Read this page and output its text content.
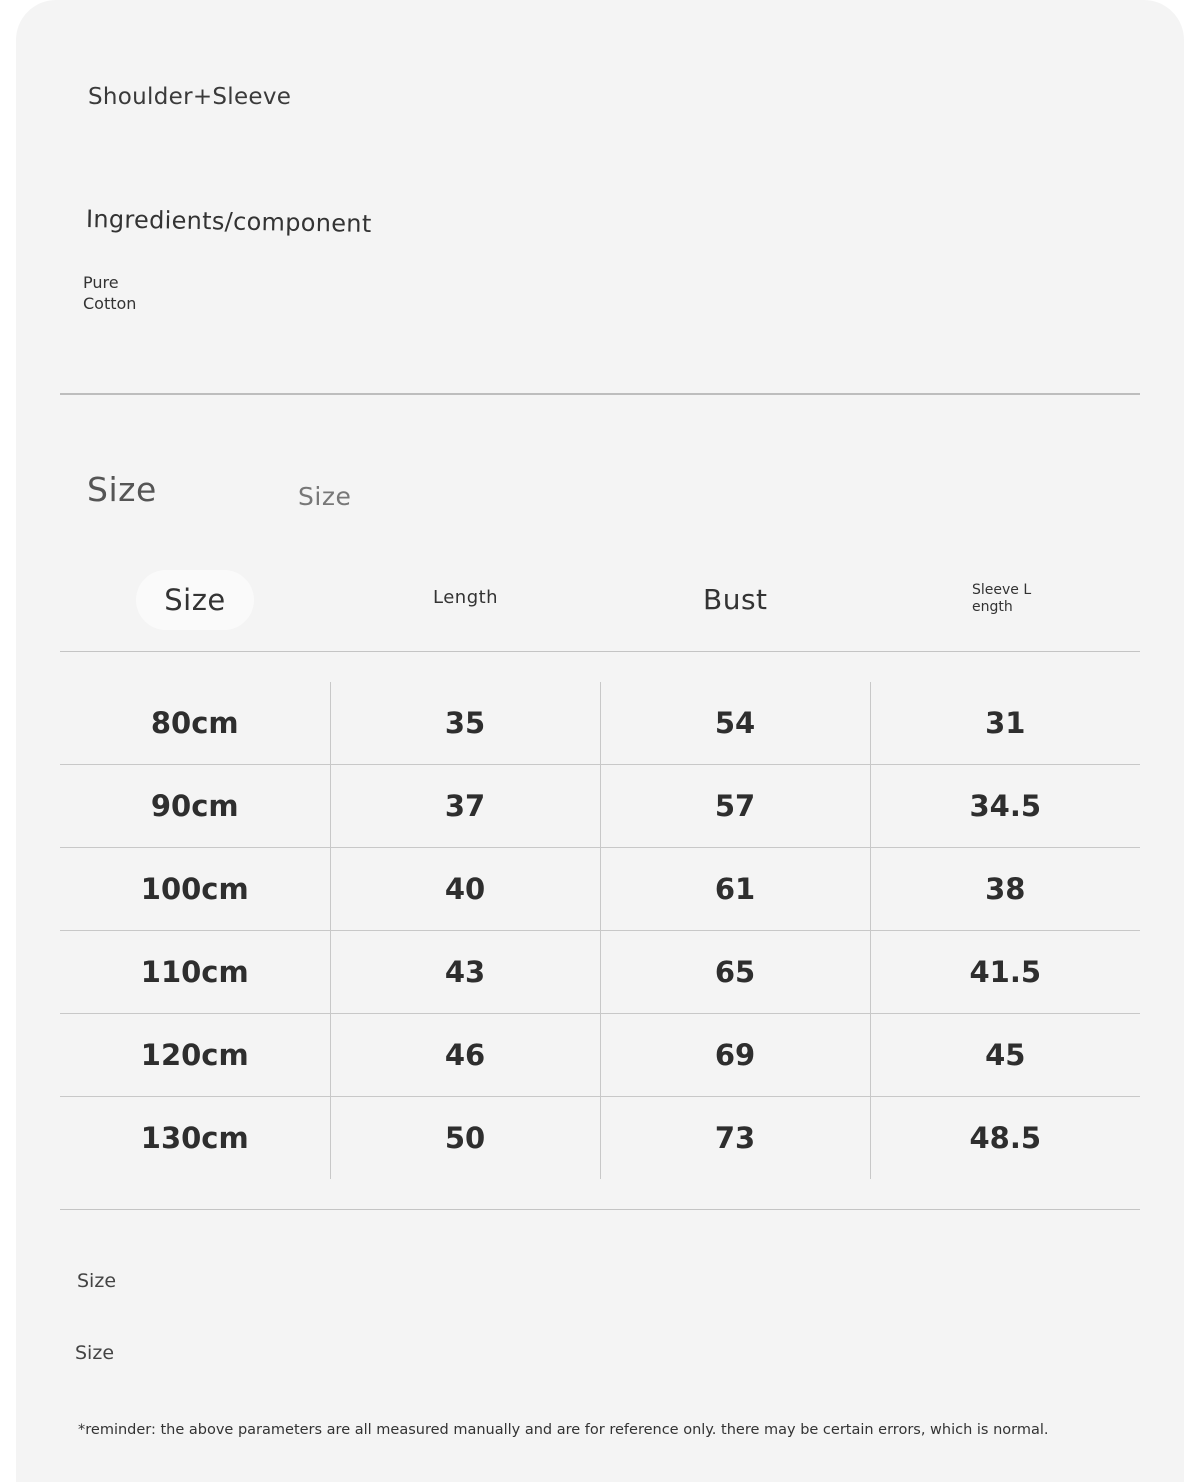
Shoulder+Sleeve
Ingredients/component
Pure Cotton
Size	Size
Size	Length	Bust	Sleeve L ength
80cm	35	54	31
90cm	37	57	34.5
100cm	40	61	38
110cm	43	65	41.5
120cm	46	69	45
130cm	50	73	48.5
Size
Size
*reminder: the above parameters are all measured manually and are for reference only. there may be certain errors, which is normal.
